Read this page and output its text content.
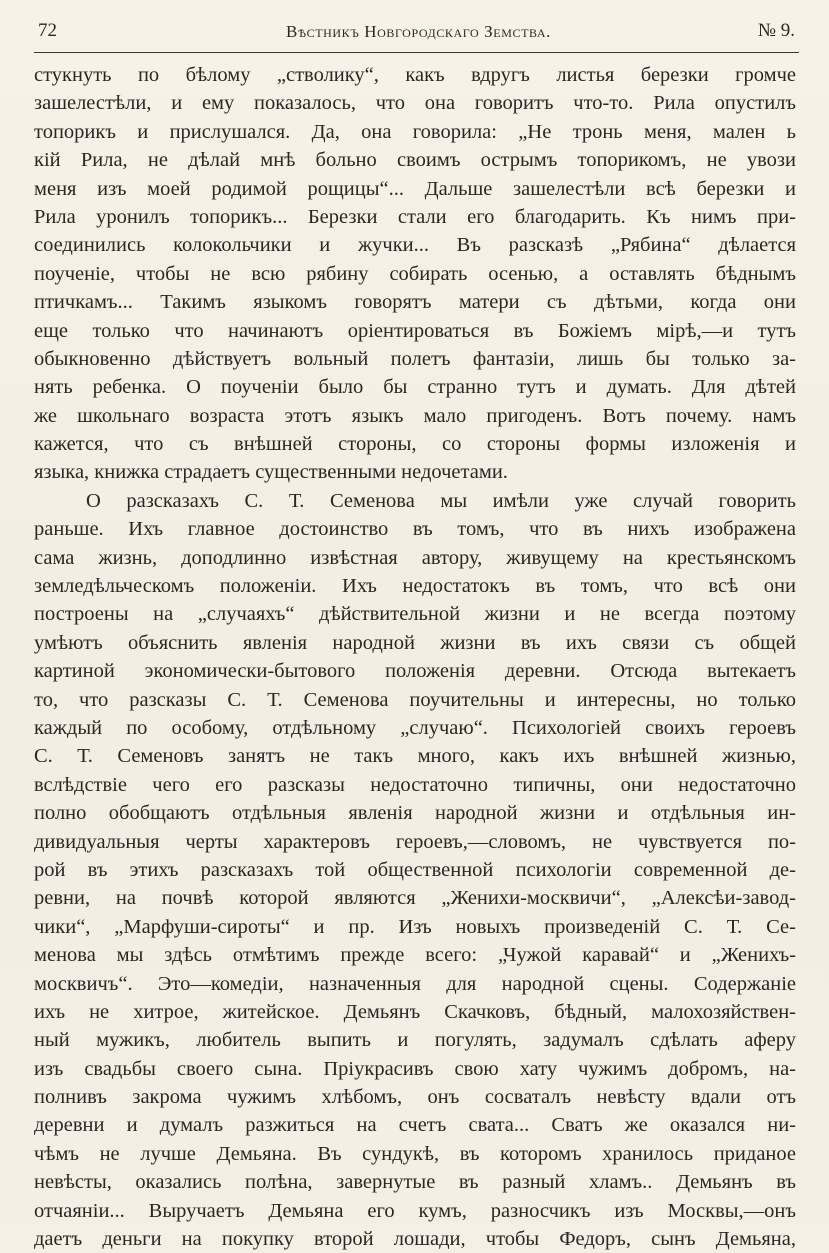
72	Вѣстникъ Новгородскаго Земства.	№ 9.
стукнуть по бѣлому „стволику“, какъ вдругъ листья березки громче
зашелестѣли, и ему показалось, что она говоритъ что-то. Рила опустилъ
топорикъ и прислушался. Да, она говорила: „Не тронь меня, мален ь
кій Рила, не дѣлай мнѣ больно своимъ острымъ топорикомъ, не увози
меня изъ моей родимой рощицы“... Дальше зашелестѣли всѣ березки и
Рила уронилъ топорикъ... Березки стали его благодарить. Къ нимъ при-
соединились колокольчики и жучки... Въ разсказѣ „Рябина“ дѣлается
поученіе, чтобы не всю рябину собирать осенью, а оставлять бѣднымъ
птичкамъ... Такимъ языкомъ говорятъ матери съ дѣтьми, когда они
еще только что начинаютъ оріентироваться въ Божіемъ мірѣ,—и тутъ
обыкновенно дѣйствуетъ вольный полетъ фантазіи, лишь бы только за-
нять ребенка. О поученіи было бы странно тутъ и думать. Для дѣтей
же школьнаго возраста этотъ языкъ мало пригоденъ. Вотъ почему. намъ
кажется, что съ внѣшней стороны, со стороны формы изложенія и
языка, книжка страдаетъ существенными недочетами.
О разсказахъ С. Т. Семенова мы имѣли уже случай говорить
раньше. Ихъ главное достоинство въ томъ, что въ нихъ изображена
сама жизнь, доподлинно извѣстная автору, живущему на крестьянскомъ
земледѣльческомъ положеніи. Ихъ недостатокъ въ томъ, что всѣ они
построены на „случаяхъ“ дѣйствительной жизни и не всегда поэтому
умѣютъ объяснить явленія народной жизни въ ихъ связи съ общей
картиной экономически-бытового положенія деревни. Отсюда вытекаетъ
то, что разсказы С. Т. Семенова поучительны и интересны, но только
каждый по особому, отдѣльному „случаю“. Психологіей своихъ героевъ
С. Т. Семеновъ занятъ не такъ много, какъ ихъ внѣшней жизнью,
вслѣдствіе чего его разсказы недостаточно типичны, они недостаточно
полно обобщаютъ отдѣльныя явленія народной жизни и отдѣльныя ин-
дивидуальныя черты характеровъ героевъ,—словомъ, не чувствуется по-
рой въ этихъ разсказахъ той общественной психологіи современной де-
ревни, на почвѣ которой являются „Женихи-москвичи“, „Алексѣи-завод-
чики“, „Марфуши-сироты“ и пр. Изъ новыхъ произведеній С. Т. Се-
менова мы здѣсь отмѣтимъ прежде всего: „Чужой каравай“ и „Женихъ-
москвичъ“. Это—комедіи, назначенныя для народной сцены. Содержаніе
ихъ не хитрое, житейское. Демьянъ Скачковъ, бѣдный, малохозяйствен-
ный мужикъ, любитель выпить и погулять, задумалъ сдѣлать аферу
изъ свадьбы своего сына. Пріукрасивъ свою хату чужимъ добромъ, на-
полнивъ закрома чужимъ хлѣбомъ, онъ сосваталъ невѣсту вдали отъ
деревни и думалъ разжиться на счетъ свата... Сватъ же оказался ни-
чѣмъ не лучше Демьяна. Въ сундукѣ, въ которомъ хранилось приданое
невѣсты, оказались полѣна, завернутые въ разный хламъ.. Демьянъ въ
отчаяніи... Выручаетъ Демьяна его кумъ, разносчикъ изъ Москвы,—онъ
даетъ деньги на покупку второй лошади, чтобы Федоръ, сынъ Демьяна,
